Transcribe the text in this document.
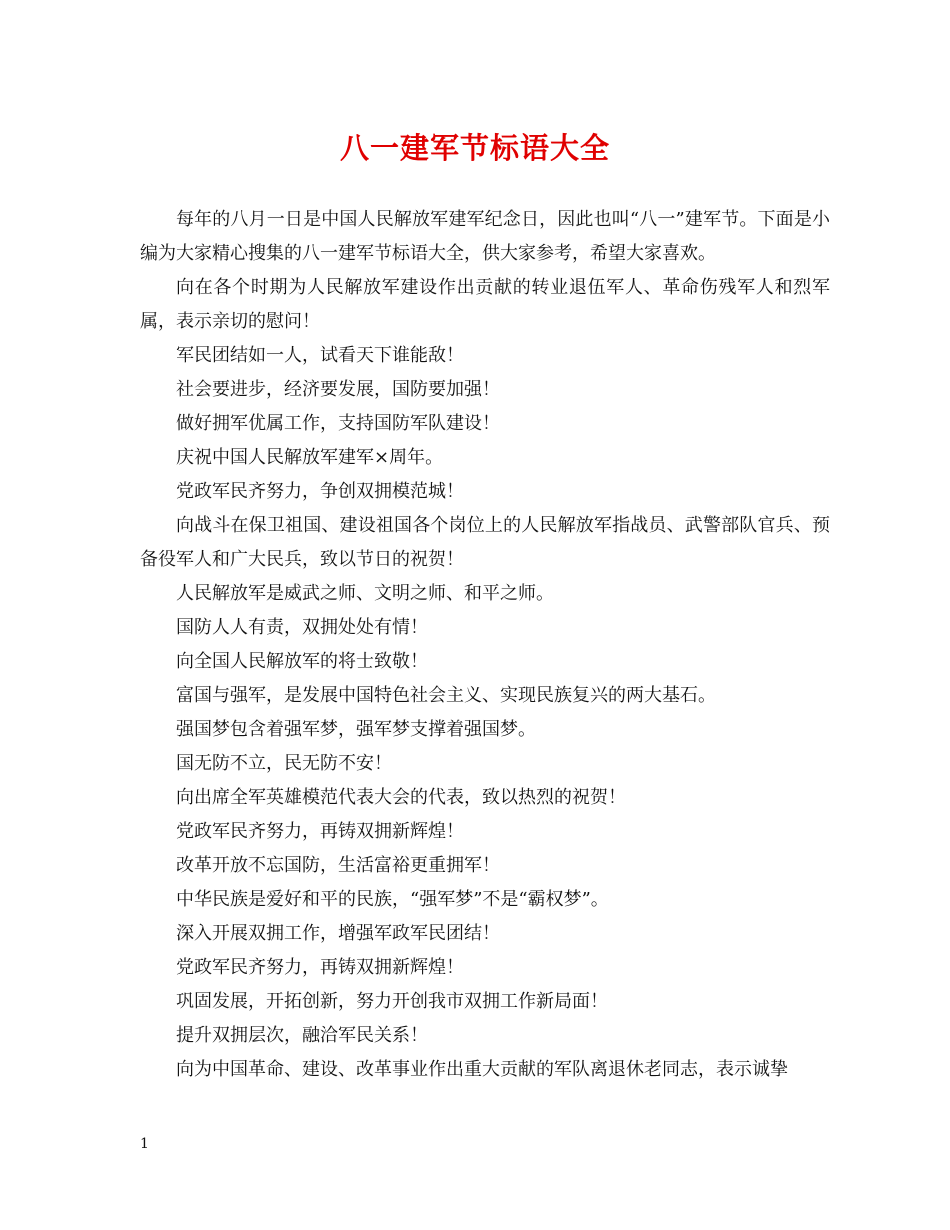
八一建军节标语大全

每年的八月一日是中国人民解放军建军纪念日，因此也叫“八一”建军节。下面是小编为大家精心搜集的八一建军节标语大全，供大家参考，希望大家喜欢。

向在各个时期为人民解放军建设作出贡献的转业退伍军人、革命伤残军人和烈军属，表示亲切的慰问！

军民团结如一人，试看天下谁能敌！

社会要进步，经济要发展，国防要加强！

做好拥军优属工作，支持国防军队建设！

庆祝中国人民解放军建军×周年。

党政军民齐努力，争创双拥模范城！

向战斗在保卫祖国、建设祖国各个岗位上的人民解放军指战员、武警部队官兵、预备役军人和广大民兵，致以节日的祝贺！

人民解放军是威武之师、文明之师、和平之师。

国防人人有责，双拥处处有情！

向全国人民解放军的将士致敬！

富国与强军，是发展中国特色社会主义、实现民族复兴的两大基石。

强国梦包含着强军梦，强军梦支撑着强国梦。

国无防不立，民无防不安！

向出席全军英雄模范代表大会的代表，致以热烈的祝贺！

党政军民齐努力，再铸双拥新辉煌！

改革开放不忘国防，生活富裕更重拥军！

中华民族是爱好和平的民族，“强军梦”不是“霸权梦”。

深入开展双拥工作，增强军政军民团结！

党政军民齐努力，再铸双拥新辉煌！

巩固发展，开拓创新，努力开创我市双拥工作新局面！

提升双拥层次，融洽军民关系！

向为中国革命、建设、改革事业作出重大贡献的军队离退休老同志，表示诚挚

1
